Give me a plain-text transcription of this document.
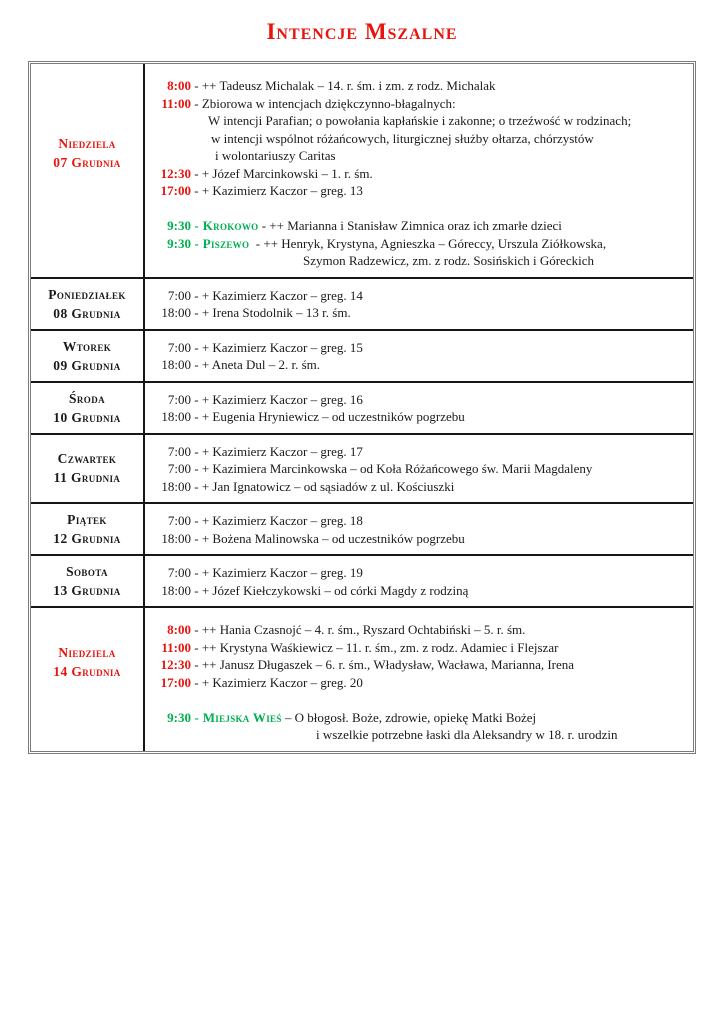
Intencje Mszalne
Niedziela
07 Grudnia
8:00 - ++ Tadeusz Michalak – 14. r. śm. i zm. z rodz. Michalak
11:00 - Zbiorowa w intencjach dziękczynno-błagalnych:
W intencji Parafian; o powołania kapłańskie i zakonne; o trzeźwość w rodzinach;
w intencji wspólnot różańcowych, liturgicznej służby ołtarza, chórzystów
i wolontariuszy Caritas
12:30 - + Józef Marcinkowski – 1. r. śm.
17:00 - + Kazimierz Kaczor – greg. 13
9:30 - Krokowo - ++ Marianna i Stanisław Zimnica oraz ich zmarłe dzieci
9:30 - Piszewo  - ++ Henryk, Krystyna, Agnieszka – Góreccy, Urszula Ziółkowska,
Szymon Radzewicz, zm. z rodz. Sosińskich i Góreckich
Poniedziałek
08 Grudnia
7:00 - + Kazimierz Kaczor – greg. 14
18:00 - + Irena Stodolnik – 13 r. śm.
Wtorek
09 Grudnia
7:00 - + Kazimierz Kaczor – greg. 15
18:00 - + Aneta Dul – 2. r. śm.
Środa
10 Grudnia
7:00 - + Kazimierz Kaczor – greg. 16
18:00 - + Eugenia Hryniewicz – od uczestników pogrzebu
Czwartek
11 Grudnia
7:00 - + Kazimierz Kaczor – greg. 17
7:00 - + Kazimiera Marcinkowska – od Koła Różańcowego św. Marii Magdaleny
18:00 - + Jan Ignatowicz – od sąsiadów z ul. Kościuszki
Piątek
12 Grudnia
7:00 - + Kazimierz Kaczor – greg. 18
18:00 - + Bożena Malinowska – od uczestników pogrzebu
Sobota
13 Grudnia
7:00 - + Kazimierz Kaczor – greg. 19
18:00 - + Józef Kiełczykowski – od córki Magdy z rodziną
Niedziela
14 Grudnia
8:00 - ++ Hania Czasnojć – 4. r. śm., Ryszard Ochtabiński – 5. r. śm.
11:00 - ++ Krystyna Waśkiewicz – 11. r. śm., zm. z rodz. Adamiec i Flejszar
12:30 - ++ Janusz Długaszek – 6. r. śm., Władysław, Wacława, Marianna, Irena
17:00 - + Kazimierz Kaczor – greg. 20
9:30 - Miejska Wieś – O błogosł. Boże, zdrowie, opiekę Matki Bożej
i wszelkie potrzebne łaski dla Aleksandry w 18. r. urodzin
